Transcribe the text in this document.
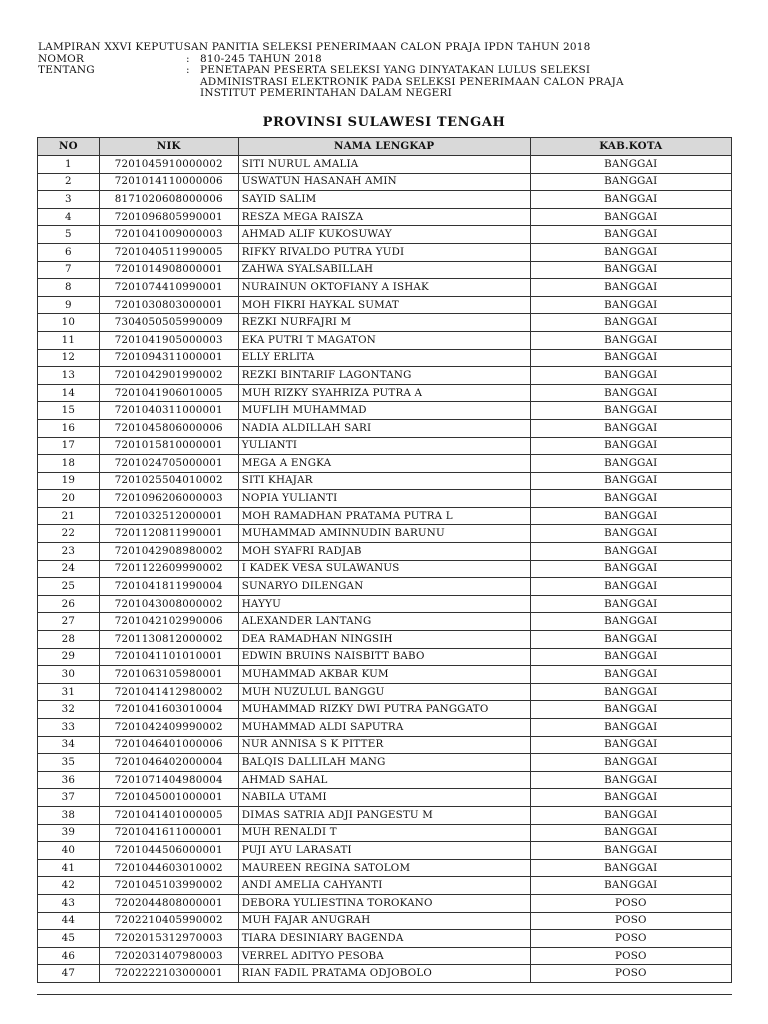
LAMPIRAN XXVI KEPUTUSAN PANITIA SELEKSI PENERIMAAN CALON PRAJA IPDN TAHUN 2018
NOMOR	: 810-245 TAHUN 2018
TENTANG	: PENETAPAN PESERTA SELEKSI YANG DINYATAKAN LULUS SELEKSI
ADMINISTRASI ELEKTRONIK PADA SELEKSI PENERIMAAN CALON PRAJA
INSTITUT PEMERINTAHAN DALAM NEGERI
PROVINSI SULAWESI TENGAH
NO	NIK	NAMA LENGKAP	KAB.KOTA
1	7201045910000002	SITI NURUL AMALIA	BANGGAI
2	7201014110000006	USWATUN HASANAH AMIN	BANGGAI
3	8171020608000006	SAYID SALIM	BANGGAI
4	7201096805990001	RESZA MEGA RAISZA	BANGGAI
5	7201041009000003	AHMAD ALIF KUKOSUWAY	BANGGAI
6	7201040511990005	RIFKY RIVALDO PUTRA YUDI	BANGGAI
7	7201014908000001	ZAHWA SYALSABILLAH	BANGGAI
8	7201074410990001	NURAINUN OKTOFIANY A ISHAK	BANGGAI
9	7201030803000001	MOH FIKRI HAYKAL SUMAT	BANGGAI
10	7304050505990009	REZKI NURFAJRI M	BANGGAI
11	7201041905000003	EKA PUTRI T MAGATON	BANGGAI
12	7201094311000001	ELLY ERLITA	BANGGAI
13	7201042901990002	REZKI BINTARIF LAGONTANG	BANGGAI
14	7201041906010005	MUH RIZKY SYAHRIZA PUTRA A	BANGGAI
15	7201040311000001	MUFLIH MUHAMMAD	BANGGAI
16	7201045806000006	NADIA ALDILLAH SARI	BANGGAI
17	7201015810000001	YULIANTI	BANGGAI
18	7201024705000001	MEGA A ENGKA	BANGGAI
19	7201025504010002	SITI KHAJAR	BANGGAI
20	7201096206000003	NOPIA YULIANTI	BANGGAI
21	7201032512000001	MOH RAMADHAN PRATAMA PUTRA L	BANGGAI
22	7201120811990001	MUHAMMAD AMINNUDIN BARUNU	BANGGAI
23	7201042908980002	MOH SYAFRI RADJAB	BANGGAI
24	7201122609990002	I KADEK VESA SULAWANUS	BANGGAI
25	7201041811990004	SUNARYO DILENGAN	BANGGAI
26	7201043008000002	HAYYU	BANGGAI
27	7201042102990006	ALEXANDER LANTANG	BANGGAI
28	7201130812000002	DEA RAMADHAN NINGSIH	BANGGAI
29	7201041101010001	EDWIN BRUINS NAISBITT BABO	BANGGAI
30	7201063105980001	MUHAMMAD AKBAR KUM	BANGGAI
31	7201041412980002	MUH NUZULUL BANGGU	BANGGAI
32	7201041603010004	MUHAMMAD RIZKY DWI PUTRA PANGGATO	BANGGAI
33	7201042409990002	MUHAMMAD ALDI SAPUTRA	BANGGAI
34	7201046401000006	NUR ANNISA S K PITTER	BANGGAI
35	7201046402000004	BALQIS DALLILAH MANG	BANGGAI
36	7201071404980004	AHMAD SAHAL	BANGGAI
37	7201045001000001	NABILA UTAMI	BANGGAI
38	7201041401000005	DIMAS SATRIA ADJI PANGESTU M	BANGGAI
39	7201041611000001	MUH RENALDI T	BANGGAI
40	7201044506000001	PUJI AYU LARASATI	BANGGAI
41	7201044603010002	MAUREEN REGINA SATOLOM	BANGGAI
42	7201045103990002	ANDI AMELIA CAHYANTI	BANGGAI
43	7202044808000001	DEBORA YULIESTINA TOROKANO	POSO
44	7202210405990002	MUH FAJAR ANUGRAH	POSO
45	7202015312970003	TIARA DESINIARY BAGENDA	POSO
46	7202031407980003	VERREL ADITYO PESOBA	POSO
47	7202222103000001	RIAN FADIL PRATAMA ODJOBOLO	POSO
